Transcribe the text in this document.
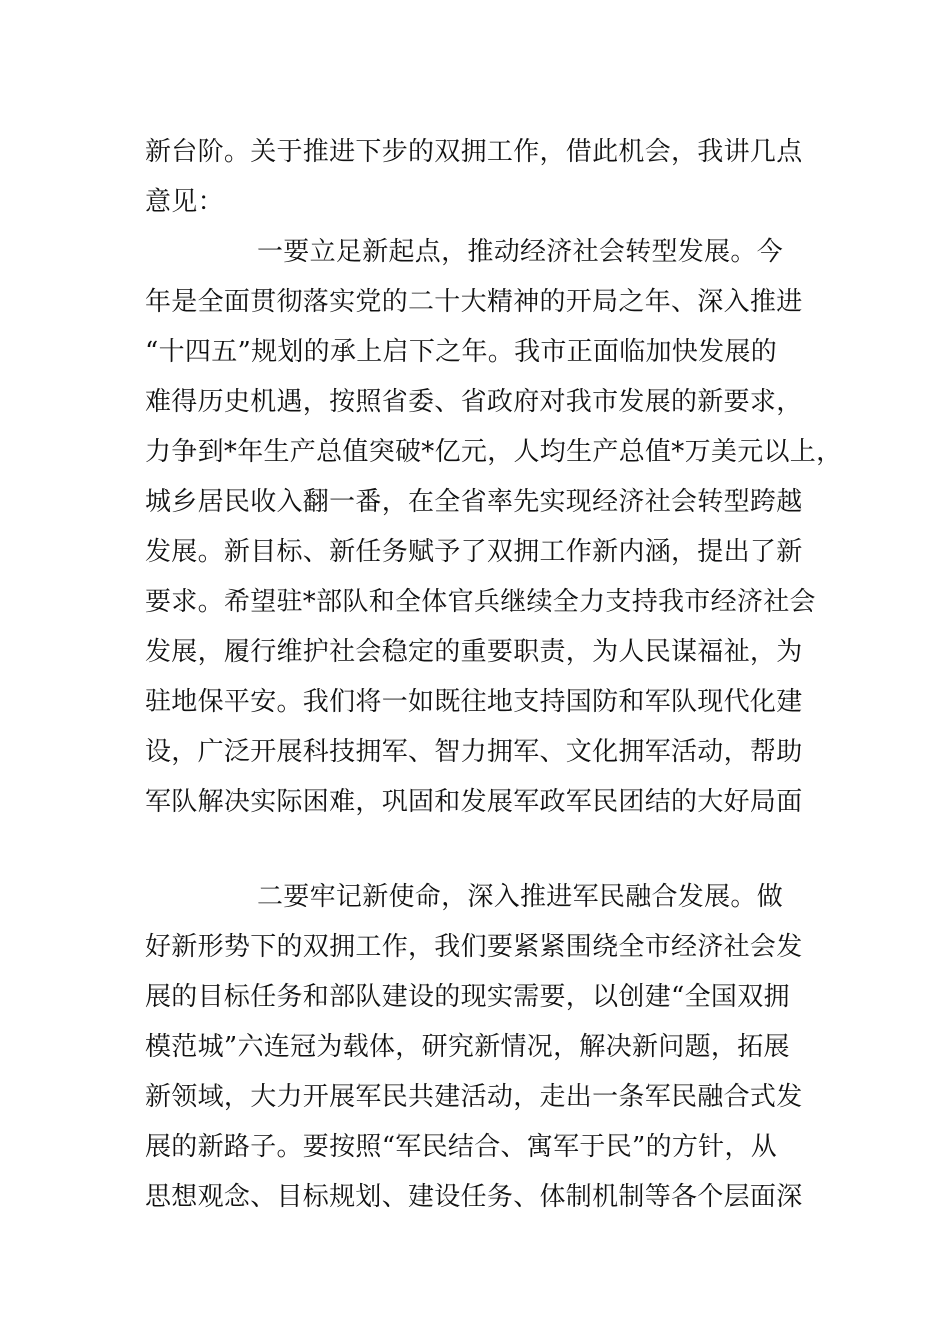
新台阶。关于推进下步的双拥工作，借此机会，我讲几点
意见：
一要立足新起点，推动经济社会转型发展。今
年是全面贯彻落实党的二十大精神的开局之年、深入推进
“十四五”规划的承上启下之年。我市正面临加快发展的
难得历史机遇，按照省委、省政府对我市发展的新要求，
力争到*年生产总值突破*亿元，人均生产总值*万美元以上，
城乡居民收入翻一番，在全省率先实现经济社会转型跨越
发展。新目标、新任务赋予了双拥工作新内涵，提出了新
要求。希望驻*部队和全体官兵继续全力支持我市经济社会
发展，履行维护社会稳定的重要职责，为人民谋福祉，为
驻地保平安。我们将一如既往地支持国防和军队现代化建
设，广泛开展科技拥军、智力拥军、文化拥军活动，帮助
军队解决实际困难，巩固和发展军政军民团结的大好局面
二要牢记新使命，深入推进军民融合发展。做
好新形势下的双拥工作，我们要紧紧围绕全市经济社会发
展的目标任务和部队建设的现实需要，以创建“全国双拥
模范城”六连冠为载体，研究新情况，解决新问题，拓展
新领域，大力开展军民共建活动，走出一条军民融合式发
展的新路子。要按照“军民结合、寓军于民”的方针，从
思想观念、目标规划、建设任务、体制机制等各个层面深
